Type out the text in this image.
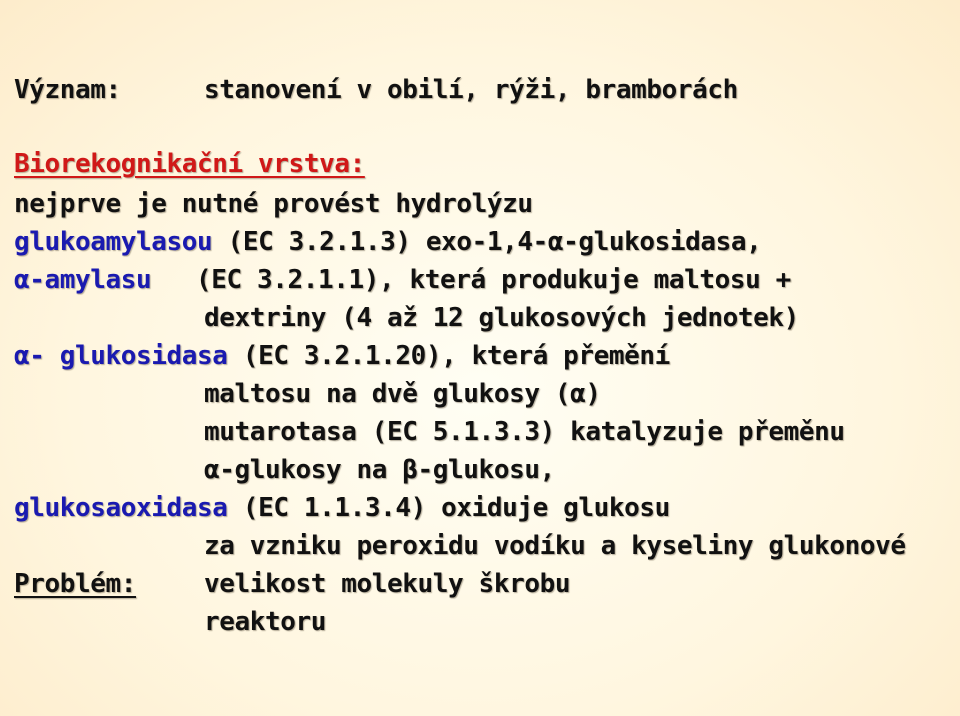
Význam:	stanovení v obilí, rýži, bramborách
Biorekognikační vrstva:
nejprve je nutné provést hydrolýzu
glukoamylasou (EC 3.2.1.3) exo-1,4-α-glukosidasa,
α-amylasu (EC 3.2.1.1), která produkuje maltosu +
dextriny (4 až 12 glukosových jednotek)
α- glukosidasa (EC 3.2.1.20), která přemění
maltosu na dvě glukosy (α)
mutarotasa (EC 5.1.3.3) katalyzuje přeměnu
α-glukosy na β-glukosu,
glukosaoxidasa (EC 1.1.3.4) oxiduje glukosu
za vzniku peroxidu vodíku a kyseliny glukonové
Problém:	velikost molekuly škrobu
reaktoru
